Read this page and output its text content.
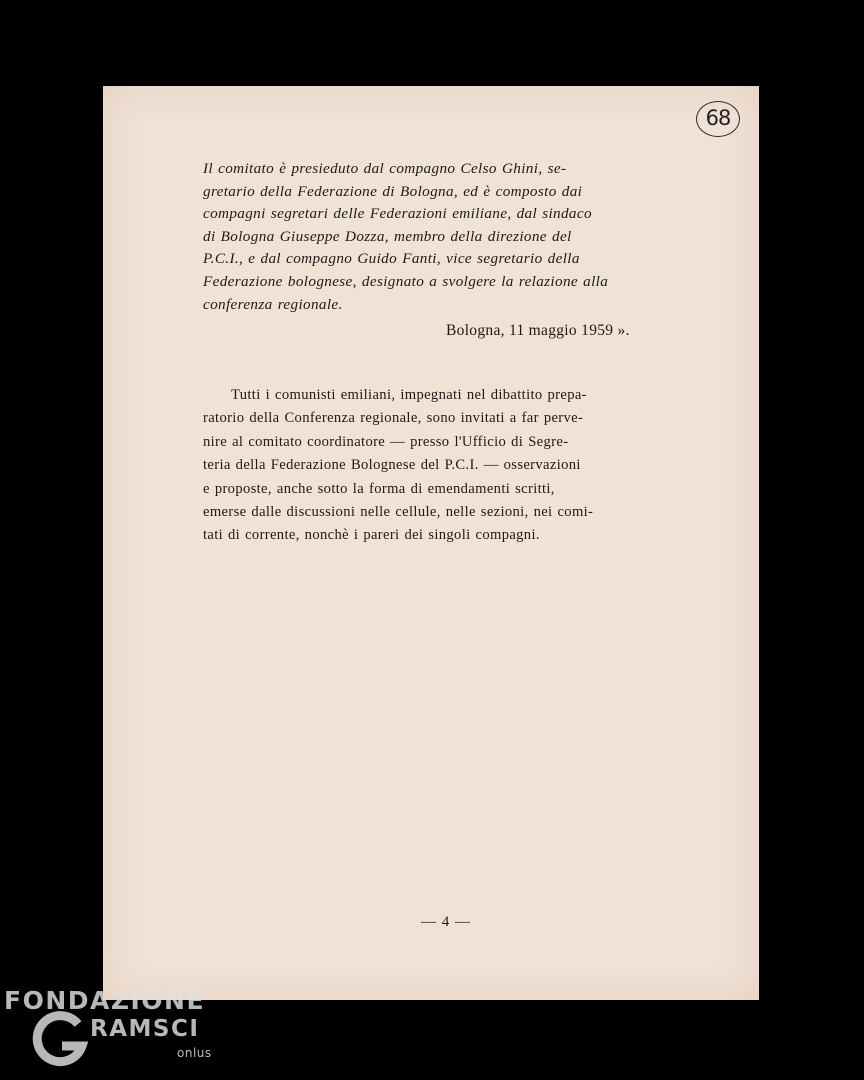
68
Il comitato è presieduto dal compagno Celso Ghini, se-
gretario della Federazione di Bologna, ed è composto dai
compagni segretari delle Federazioni emiliane, dal sindaco
di Bologna Giuseppe Dozza, membro della direzione del
P.C.I., e dal compagno Guido Fanti, vice segretario della
Federazione bolognese, designato a svolgere la relazione alla
conferenza regionale.
Bologna, 11 maggio 1959 ».
Tutti i comunisti emiliani, impegnati nel dibattito prepa-
ratorio della Conferenza regionale, sono invitati a far perve-
nire al comitato coordinatore — presso l'Ufficio di Segre-
teria della Federazione Bolognese del P.C.I. — osservazioni
e proposte, anche sotto la forma di emendamenti scritti,
emerse dalle discussioni nelle cellule, nelle sezioni, nei comi-
tati di corrente, nonchè i pareri dei singoli compagni.
— 4 —
FONDAZIONE
RAMSCI
onlus
